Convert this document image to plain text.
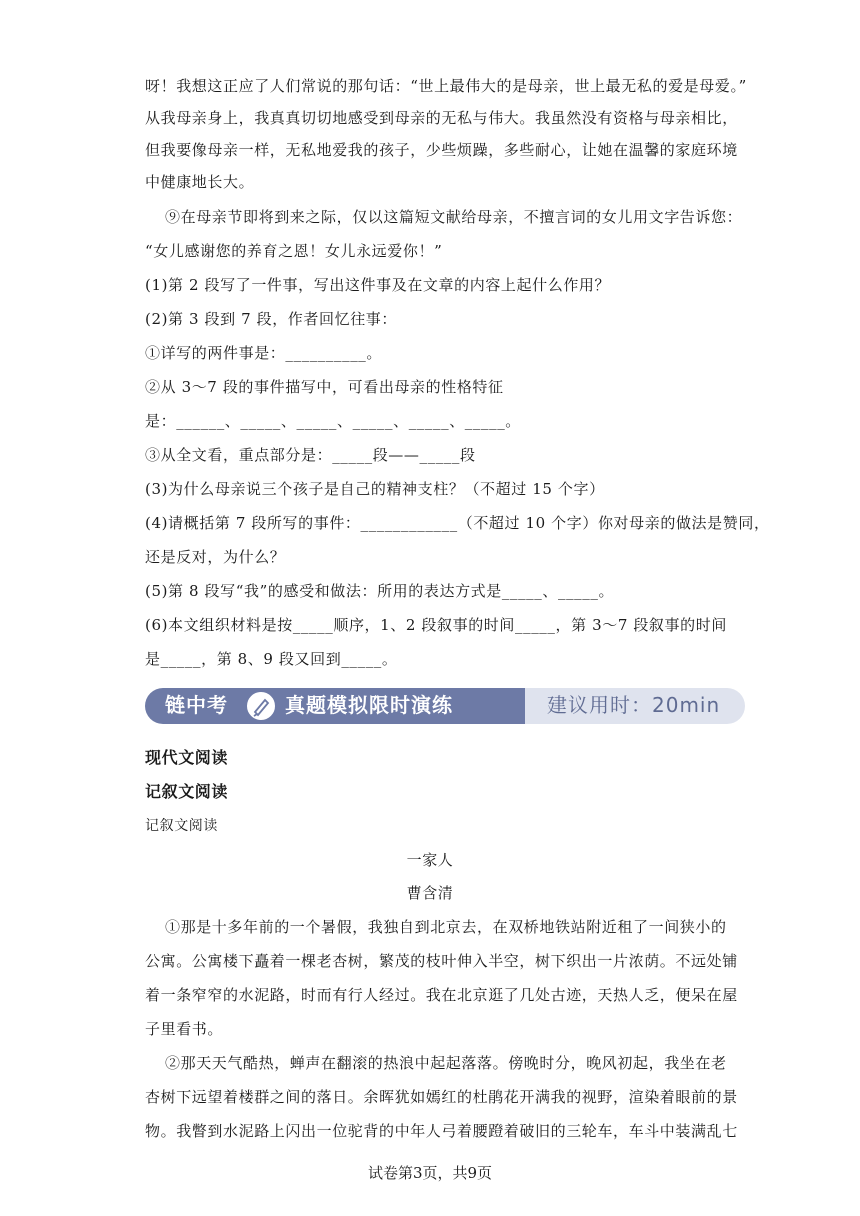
呀！我想这正应了人们常说的那句话：“世上最伟大的是母亲，世上最无私的爱是母爱。”
从我母亲身上，我真真切切地感受到母亲的无私与伟大。我虽然没有资格与母亲相比，
但我要像母亲一样，无私地爱我的孩子，少些烦躁，多些耐心，让她在温馨的家庭环境
中健康地长大。
⑨在母亲节即将到来之际，仅以这篇短文献给母亲，不擅言词的女儿用文字告诉您：
“女儿感谢您的养育之恩！女儿永远爱你！”
(1)第 2 段写了一件事，写出这件事及在文章的内容上起什么作用？
(2)第 3 段到 7 段，作者回忆往事：
①详写的两件事是：__________。
②从 3～7 段的事件描写中，可看出母亲的性格特征
是：______、_____、_____、_____、_____、_____。
③从全文看，重点部分是：_____段——_____段
(3)为什么母亲说三个孩子是自己的精神支柱？（不超过 15 个字）
(4)请概括第 7 段所写的事件：____________（不超过 10 个字）你对母亲的做法是赞同，
还是反对，为什么？
(5)第 8 段写“我”的感受和做法：所用的表达方式是_____、_____。
(6)本文组织材料是按_____顺序，1、2 段叙事的时间_____，第 3～7 段叙事的时间
是_____，第 8、9 段又回到_____。
链中考	真题模拟限时演练	建议用时：20min
现代文阅读
记叙文阅读
记叙文阅读
一家人
曹含清
①那是十多年前的一个暑假，我独自到北京去，在双桥地铁站附近租了一间狭小的
公寓。公寓楼下矗着一棵老杏树，繁茂的枝叶伸入半空，树下织出一片浓荫。不远处铺
着一条窄窄的水泥路，时而有行人经过。我在北京逛了几处古迹，天热人乏，便呆在屋
子里看书。
②那天天气酷热，蝉声在翻滚的热浪中起起落落。傍晚时分，晚风初起，我坐在老
杏树下远望着楼群之间的落日。余晖犹如嫣红的杜鹃花开满我的视野，渲染着眼前的景
物。我瞥到水泥路上闪出一位驼背的中年人弓着腰蹬着破旧的三轮车，车斗中装满乱七
试卷第3页，共9页
